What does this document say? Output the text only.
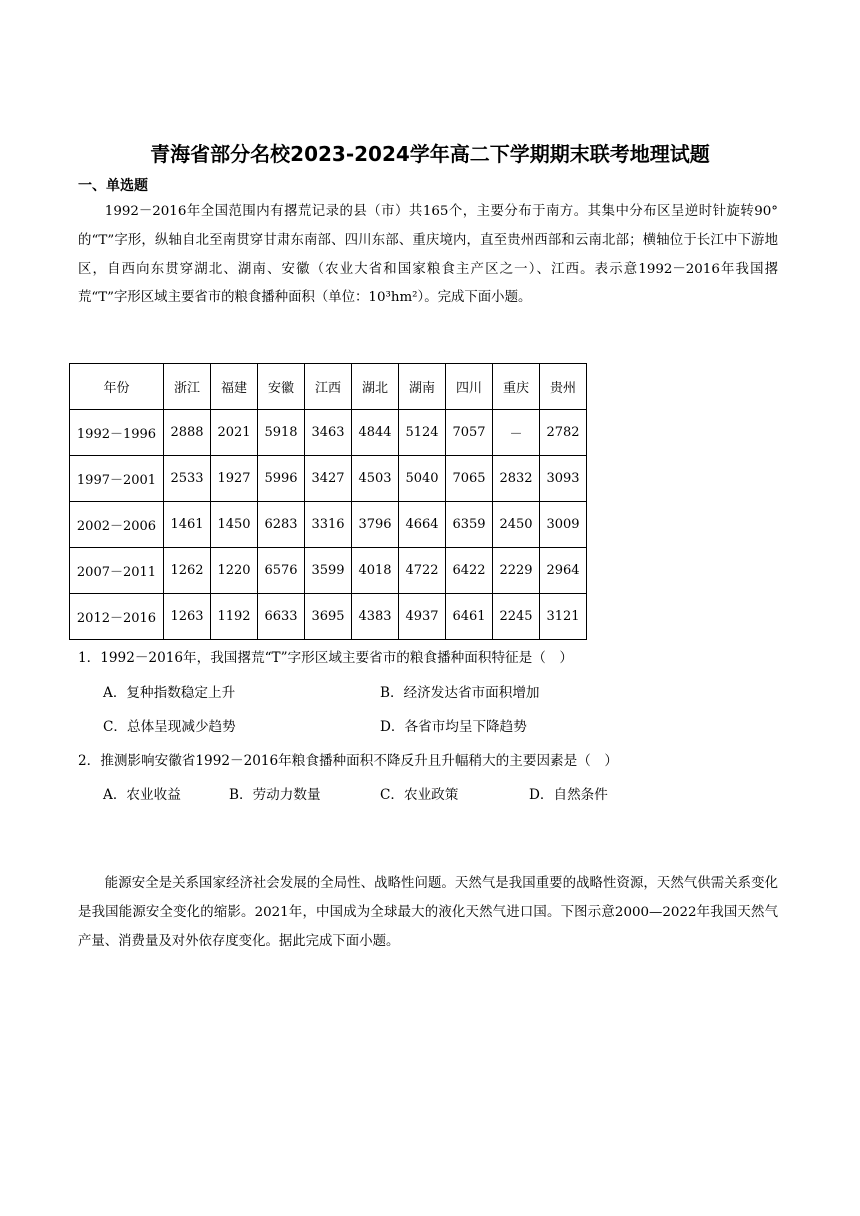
青海省部分名校2023-2024学年高二下学期期末联考地理试题
一、单选题
1992－2016年全国范围内有撂荒记录的县（市）共165个，主要分布于南方。其集中分布区呈逆时针旋转90°的“T”字形，纵轴自北至南贯穿甘肃东南部、四川东部、重庆境内，直至贵州西部和云南北部；横轴位于长江中下游地区，自西向东贯穿湖北、湖南、安徽（农业大省和国家粮食主产区之一）、江西。表示意1992－2016年我国撂荒“T”字形区域主要省市的粮食播种面积（单位：10³hm²）。完成下面小题。
年份	浙江	福建	安徽	江西	湖北	湖南	四川	重庆	贵州
1992－1996	2888	2021	5918	3463	4844	5124	7057	－	2782
1997－2001	2533	1927	5996	3427	4503	5040	7065	2832	3093
2002－2006	1461	1450	6283	3316	3796	4664	6359	2450	3009
2007－2011	1262	1220	6576	3599	4018	4722	6422	2229	2964
2012－2016	1263	1192	6633	3695	4383	4937	6461	2245	3121
1．1992－2016年，我国撂荒“T”字形区域主要省市的粮食播种面积特征是（　）
A．复种指数稳定上升	B．经济发达省市面积增加
C．总体呈现减少趋势	D．各省市均呈下降趋势
2．推测影响安徽省1992－2016年粮食播种面积不降反升且升幅稍大的主要因素是（　）
A．农业收益	B．劳动力数量	C．农业政策	D．自然条件
能源安全是关系国家经济社会发展的全局性、战略性问题。天然气是我国重要的战略性资源，天然气供需关系变化是我国能源安全变化的缩影。2021年，中国成为全球最大的液化天然气进口国。下图示意2000—2022年我国天然气产量、消费量及对外依存度变化。据此完成下面小题。
